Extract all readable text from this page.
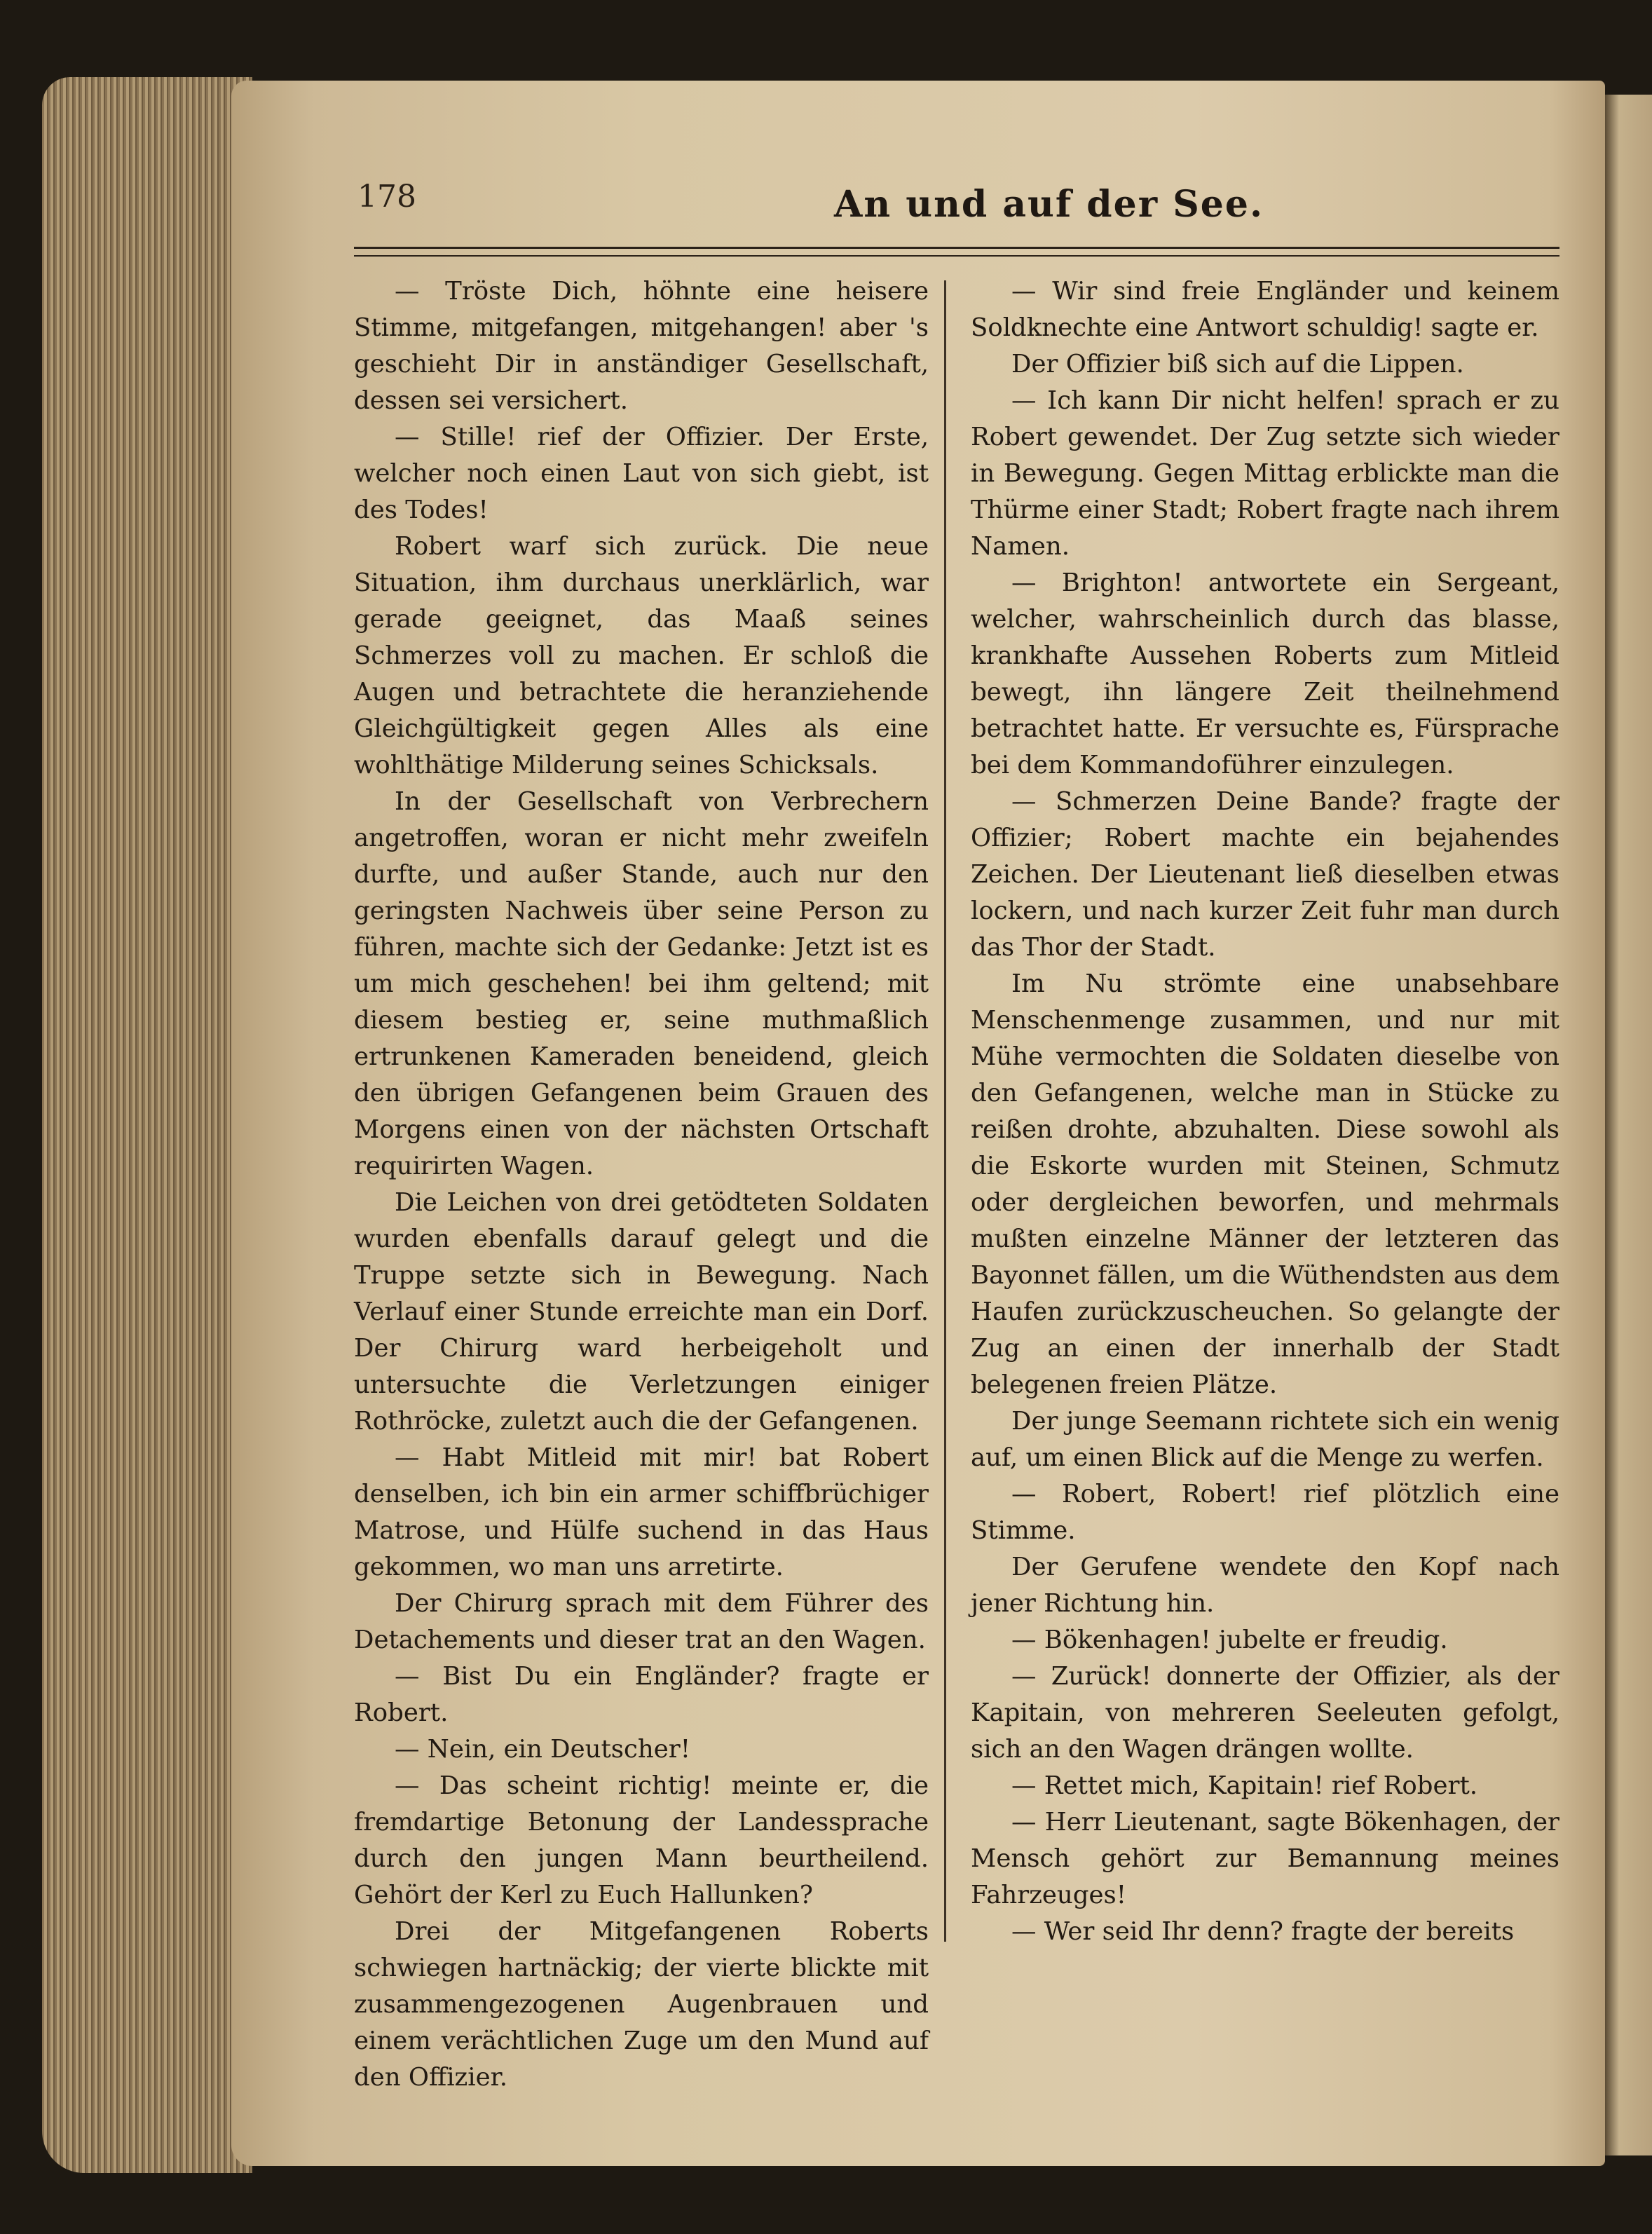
178	An und auf der See.

— Tröste Dich, höhnte eine heisere Stimme, mitgefangen, mitgehangen! aber 's geschieht Dir in anständiger Gesellschaft, dessen sei versichert.

— Stille! rief der Offizier. Der Erste, welcher noch einen Laut von sich giebt, ist des Todes!

Robert warf sich zurück. Die neue Situation, ihm durchaus unerklärlich, war gerade geeignet, das Maaß seines Schmerzes voll zu machen. Er schloß die Augen und betrachtete die heranziehende Gleichgültigkeit gegen Alles als eine wohlthätige Milderung seines Schicksals.

In der Gesellschaft von Verbrechern angetroffen, woran er nicht mehr zweifeln durfte, und außer Stande, auch nur den geringsten Nachweis über seine Person zu führen, machte sich der Gedanke: Jetzt ist es um mich geschehen! bei ihm geltend; mit diesem bestieg er, seine muthmaßlich ertrunkenen Kameraden beneidend, gleich den übrigen Gefangenen beim Grauen des Morgens einen von der nächsten Ortschaft requirirten Wagen.

Die Leichen von drei getödteten Soldaten wurden ebenfalls darauf gelegt und die Truppe setzte sich in Bewegung. Nach Verlauf einer Stunde erreichte man ein Dorf. Der Chirurg ward herbeigeholt und untersuchte die Verletzungen einiger Rothröcke, zuletzt auch die der Gefangenen.

— Habt Mitleid mit mir! bat Robert denselben, ich bin ein armer schiffbrüchiger Matrose, und Hülfe suchend in das Haus gekommen, wo man uns arretirte.

Der Chirurg sprach mit dem Führer des Detachements und dieser trat an den Wagen.

— Bist Du ein Engländer? fragte er Robert.

— Nein, ein Deutscher!

— Das scheint richtig! meinte er, die fremdartige Betonung der Landessprache durch den jungen Mann beurtheilend. Gehört der Kerl zu Euch Hallunken?

Drei der Mitgefangenen Roberts schwiegen hartnäckig; der vierte blickte mit zusammengezogenen Augenbrauen und einem verächtlichen Zuge um den Mund auf den Offizier.

— Wir sind freie Engländer und keinem Soldknechte eine Antwort schuldig! sagte er.

Der Offizier biß sich auf die Lippen.

— Ich kann Dir nicht helfen! sprach er zu Robert gewendet. Der Zug setzte sich wieder in Bewegung. Gegen Mittag erblickte man die Thürme einer Stadt; Robert fragte nach ihrem Namen.

— Brighton! antwortete ein Sergeant, welcher, wahrscheinlich durch das blasse, krankhafte Aussehen Roberts zum Mitleid bewegt, ihn längere Zeit theilnehmend betrachtet hatte. Er versuchte es, Fürsprache bei dem Kommandoführer einzulegen.

— Schmerzen Deine Bande? fragte der Offizier; Robert machte ein bejahendes Zeichen. Der Lieutenant ließ dieselben etwas lockern, und nach kurzer Zeit fuhr man durch das Thor der Stadt.

Im Nu strömte eine unabsehbare Menschenmenge zusammen, und nur mit Mühe vermochten die Soldaten dieselbe von den Gefangenen, welche man in Stücke zu reißen drohte, abzuhalten. Diese sowohl als die Eskorte wurden mit Steinen, Schmutz oder dergleichen beworfen, und mehrmals mußten einzelne Männer der letzteren das Bayonnet fällen, um die Wüthendsten aus dem Haufen zurückzuscheuchen. So gelangte der Zug an einen der innerhalb der Stadt belegenen freien Plätze.

Der junge Seemann richtete sich ein wenig auf, um einen Blick auf die Menge zu werfen.

— Robert, Robert! rief plötzlich eine Stimme.

Der Gerufene wendete den Kopf nach jener Richtung hin.

— Bökenhagen! jubelte er freudig.

— Zurück! donnerte der Offizier, als der Kapitain, von mehreren Seeleuten gefolgt, sich an den Wagen drängen wollte.

— Rettet mich, Kapitain! rief Robert.

— Herr Lieutenant, sagte Bökenhagen, der Mensch gehört zur Bemannung meines Fahrzeuges!

— Wer seid Ihr denn? fragte der bereits
